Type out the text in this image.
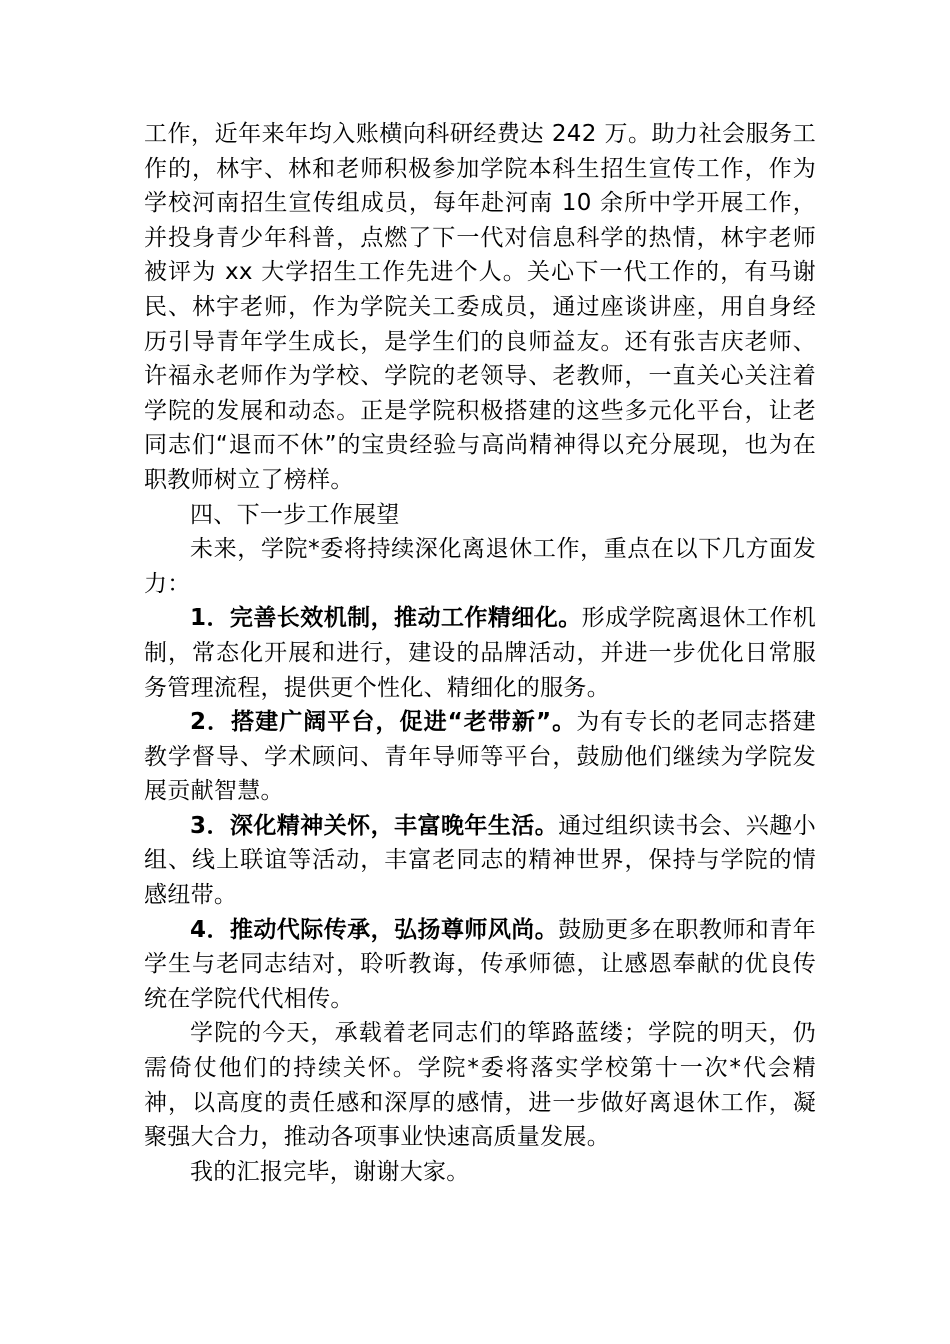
工作，近年来年均入账横向科研经费达 242 万。助力社会服务工作的，林宇、林和老师积极参加学院本科生招生宣传工作，作为学校河南招生宣传组成员，每年赴河南 10 余所中学开展工作，并投身青少年科普，点燃了下一代对信息科学的热情，林宇老师被评为 xx 大学招生工作先进个人。关心下一代工作的，有马谢民、林宇老师，作为学院关工委成员，通过座谈讲座，用自身经历引导青年学生成长，是学生们的良师益友。还有张吉庆老师、许福永老师作为学校、学院的老领导、老教师，一直关心关注着学院的发展和动态。正是学院积极搭建的这些多元化平台，让老同志们“退而不休”的宝贵经验与高尚精神得以充分展现，也为在职教师树立了榜样。

四、下一步工作展望

未来，学院*委将持续深化离退休工作，重点在以下几方面发力：

1．完善长效机制，推动工作精细化。形成学院离退休工作机制，常态化开展和进行，建设的品牌活动，并进一步优化日常服务管理流程，提供更个性化、精细化的服务。

2．搭建广阔平台，促进“老带新”。为有专长的老同志搭建教学督导、学术顾问、青年导师等平台，鼓励他们继续为学院发展贡献智慧。

3．深化精神关怀，丰富晚年生活。通过组织读书会、兴趣小组、线上联谊等活动，丰富老同志的精神世界，保持与学院的情感纽带。

4．推动代际传承，弘扬尊师风尚。鼓励更多在职教师和青年学生与老同志结对，聆听教诲，传承师德，让感恩奉献的优良传统在学院代代相传。

学院的今天，承载着老同志们的筚路蓝缕；学院的明天，仍需倚仗他们的持续关怀。学院*委将落实学校第十一次*代会精神，以高度的责任感和深厚的感情，进一步做好离退休工作，凝聚强大合力，推动各项事业快速高质量发展。

我的汇报完毕，谢谢大家。
